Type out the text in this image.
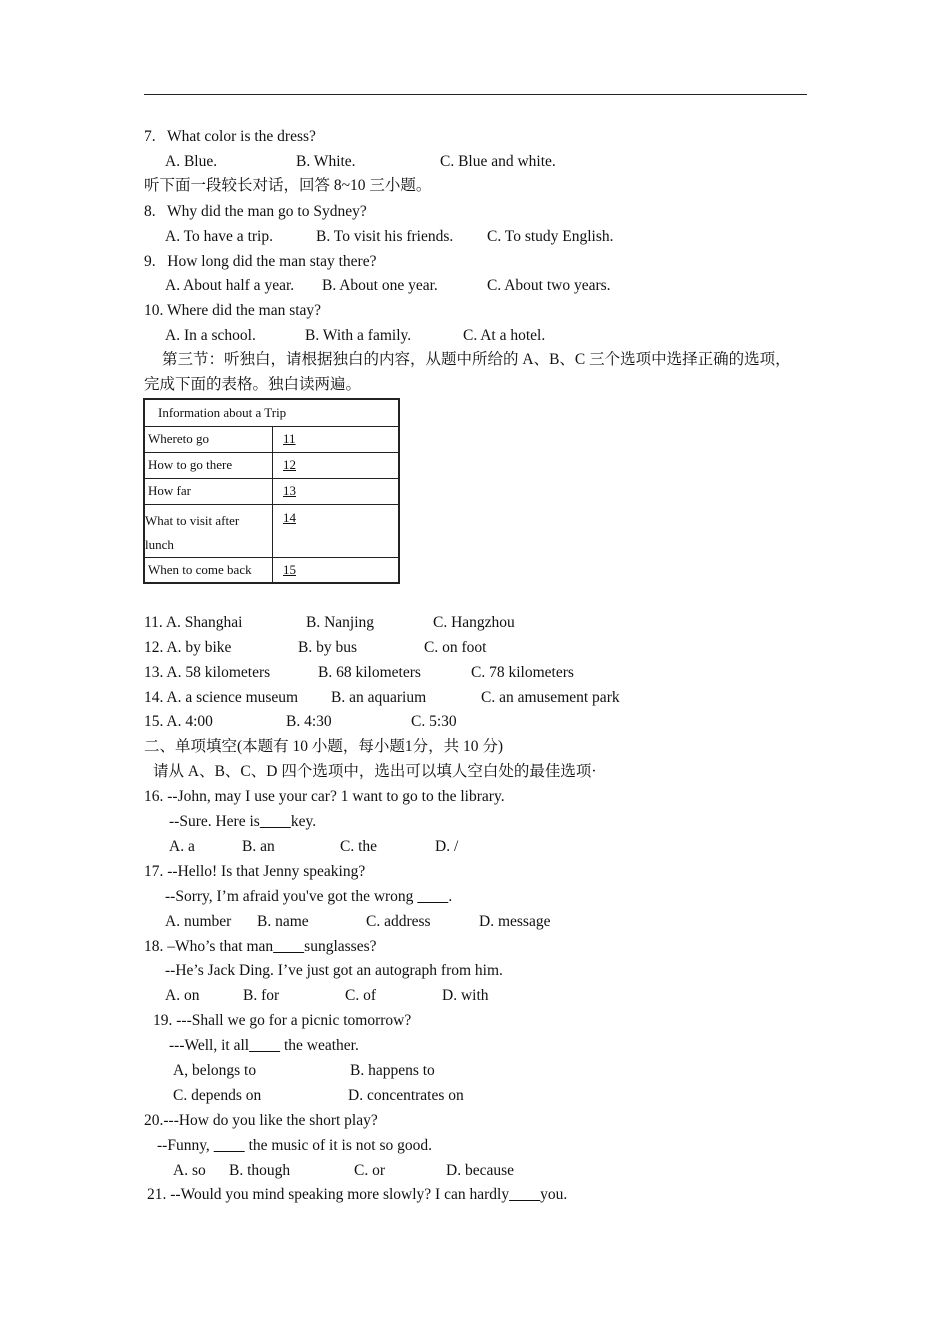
7.   What color is the dress?
A. Blue.	B. White.	C. Blue and white.
听下面一段较长对话，回答 8~10 三小题。
8.   Why did the man go to Sydney?
A. To have a trip.	B. To visit his friends. C. To study English.
9.   How long did the man stay there?
A. About half a year. B. About one year.	C. About two years.
10. Where did the man stay?
A. In a school.	B. With a family.	C. At a hotel.
第三节：听独白，请根据独白的内容，从题中所给的 A、B、C 三个选项中选择正确的选项，
完成下面的表格。独白读两遍。
Information about a Trip	
Whereto go	11
How to go there	12
How far	13
What to visit after lunch	14
When to come back	15
11. A. Shanghai	B. Nanjing	C. Hangzhou
12. A. by bike	B. by bus	C. on foot
13. A. 58 kilometers	B. 68 kilometers	C. 78 kilometers
14. A. a science museum B. an aquarium	C. an amusement park
15. A. 4:00	B. 4:30	C. 5:30
二、单项填空(本题有 10 小题，每小题1分，共 10 分)
请从 A、B、C、D 四个选项中，选出可以填人空白处的最佳选项·
16. --John, may I use your car? 1 want to go to the library.
--Sure. Here is     key.
A. a	B. an	C. the	D. /
17. --Hello! Is that Jenny speaking?
--Sorry, I’m afraid you've got the wrong      .
A. number B. name	C. address	D. message
18. –Who’s that man     sunglasses?
--He’s Jack Ding. I’ve just got an autograph from him.
A. on	B. for	C. of	D. with
19. ---Shall we go for a picnic tomorrow?
---Well, it all     the weather.
A, belongs to	B. happens to
C. depends on	D. concentrates on
20.---How do you like the short play?
--Funny,      the music of it is not so good.
A. so B. though	C. or	D. because
21. --Would you mind speaking more slowly? I can hardly     you.
